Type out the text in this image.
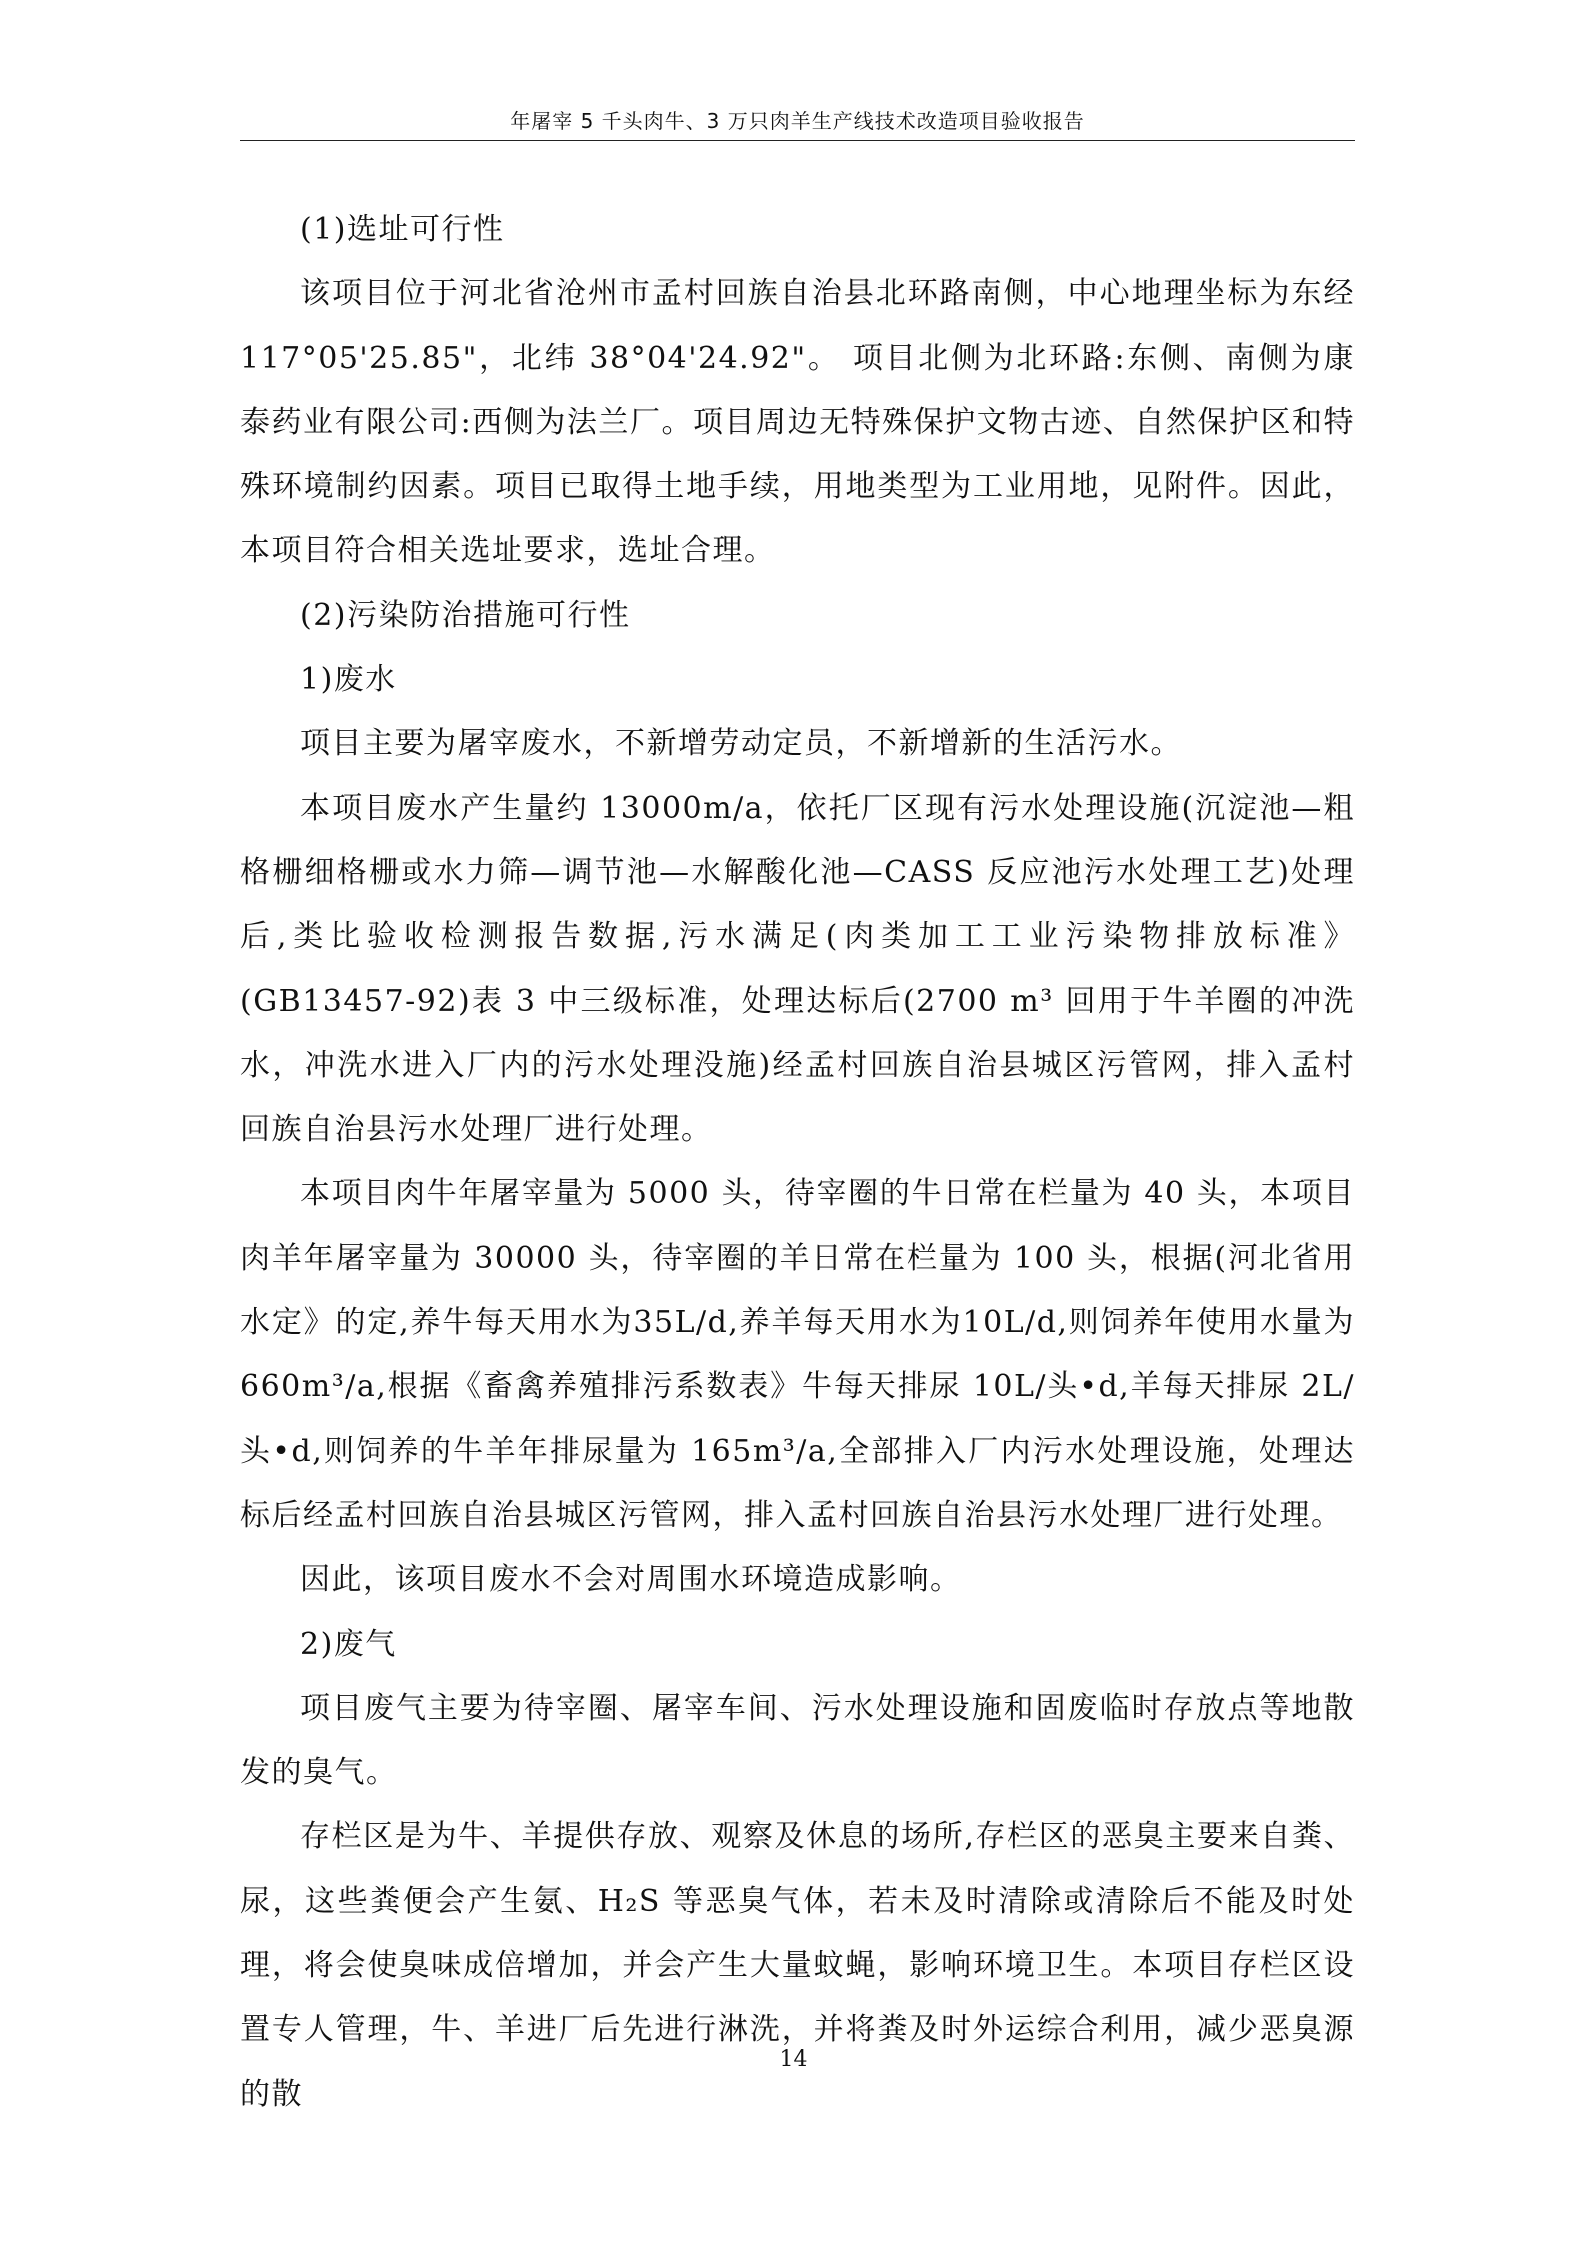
年屠宰 5 千头肉牛、3 万只肉羊生产线技术改造项目验收报告

(1)选址可行性

该项目位于河北省沧州市孟村回族自治县北环路南侧，中心地理坐标为东经 117°05'25.85"，北纬 38°04'24.92"。 项目北侧为北环路:东侧、南侧为康泰药业有限公司:西侧为法兰厂。项目周边无特殊保护文物古迹、自然保护区和特殊环境制约因素。项目已取得土地手续，用地类型为工业用地，见附件。因此，本项目符合相关选址要求，选址合理。

(2)污染防治措施可行性

1)废水

项目主要为屠宰废水，不新增劳动定员，不新增新的生活污水。

本项目废水产生量约 13000m/a，依托厂区现有污水处理设施(沉淀池—粗格栅细格栅或水力筛—调节池—水解酸化池—CASS 反应池污水处理工艺)处理后,类比验收检测报告数据,污水满足(肉类加工工业污染物排放标准》(GB13457-92)表 3 中三级标准，处理达标后(2700 m³ 回用于牛羊圈的冲洗水，冲洗水进入厂内的污水处理没施)经孟村回族自治县城区污管网，排入孟村回族自治县污水处理厂进行处理。

本项目肉牛年屠宰量为 5000 头，待宰圈的牛日常在栏量为 40 头，本项目肉羊年屠宰量为 30000 头，待宰圈的羊日常在栏量为 100 头，根据(河北省用水定》的定,养牛每天用水为35L/d,养羊每天用水为10L/d,则饲养年使用水量为660m³/a,根据《畜禽养殖排污系数表》牛每天排尿 10L/头•d,羊每天排尿 2L/头•d,则饲养的牛羊年排尿量为 165m³/a,全部排入厂内污水处理设施，处理达标后经孟村回族自治县城区污管网，排入孟村回族自治县污水处理厂进行处理。

因此，该项目废水不会对周围水环境造成影响。

2)废气

项目废气主要为待宰圈、屠宰车间、污水处理设施和固废临时存放点等地散发的臭气。

存栏区是为牛、羊提供存放、观察及休息的场所,存栏区的恶臭主要来自粪、尿，这些粪便会产生氨、H₂S 等恶臭气体，若未及时清除或清除后不能及时处理，将会使臭味成倍增加，并会产生大量蚊蝇，影响环境卫生。本项目存栏区设置专人管理，牛、羊进厂后先进行淋洗，并将粪及时外运综合利用，减少恶臭源的散

14
